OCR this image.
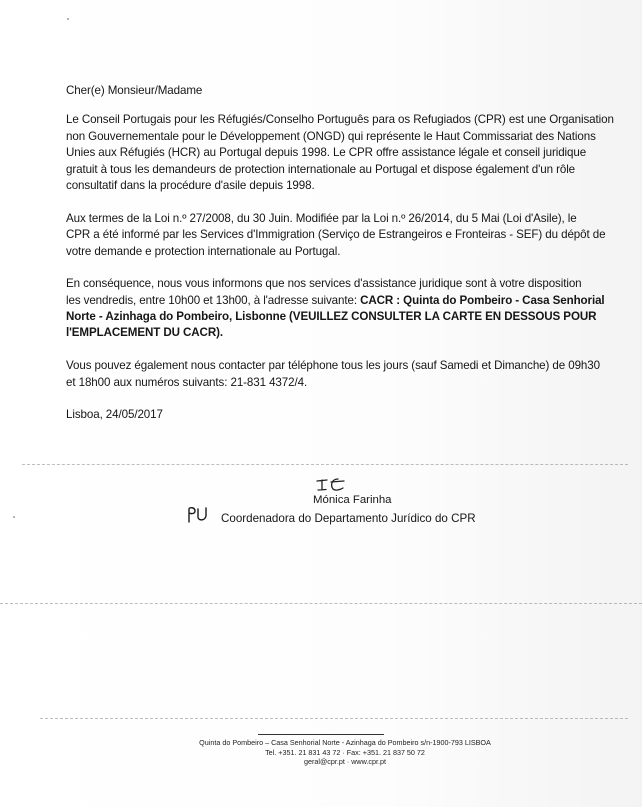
Cher(e) Monsieur/Madame
Le Conseil Portugais pour les Réfugiés/Conselho Português para os Refugiados (CPR) est une Organisation
non Gouvernementale pour le Développement (ONGD) qui représente le Haut Commissariat des Nations
Unies aux Réfugiés (HCR) au Portugal depuis 1998. Le CPR offre assistance légale et conseil juridique
gratuit à tous les demandeurs de protection internationale au Portugal et dispose également d'un rôle
consultatif dans la procédure d'asile depuis 1998.
Aux termes de la Loi n.º 27/2008, du 30 Juin. Modifiée par la Loi n.º 26/2014, du 5 Mai (Loi d'Asile), le
CPR a été informé par les Services d'Immigration (Serviço de Estrangeiros e Fronteiras - SEF) du dépôt de
votre demande e protection internationale au Portugal.
En conséquence, nous vous informons que nos services d'assistance juridique sont à votre disposition
les vendredis, entre 10h00 et 13h00, à l'adresse suivante: CACR : Quinta do Pombeiro - Casa Senhorial
Norte - Azinhaga do Pombeiro, Lisbonne (VEUILLEZ CONSULTER LA CARTE EN DESSOUS POUR
l'EMPLACEMENT DU CACR).
Vous pouvez également nous contacter par téléphone tous les jours (sauf Samedi et Dimanche) de 09h30
et 18h00 aux numéros suivants: 21-831 4372/4.
Lisboa, 24/05/2017
Mónica Farinha
Coordenadora do Departamento Jurídico do CPR
Quinta do Pombeiro – Casa Senhorial Norte - Azinhaga do Pombeiro s/n-1900-793 LISBOA
Tel. +351. 21 831 43 72 · Fax: +351. 21 837 50 72
geral@cpr.pt · www.cpr.pt
